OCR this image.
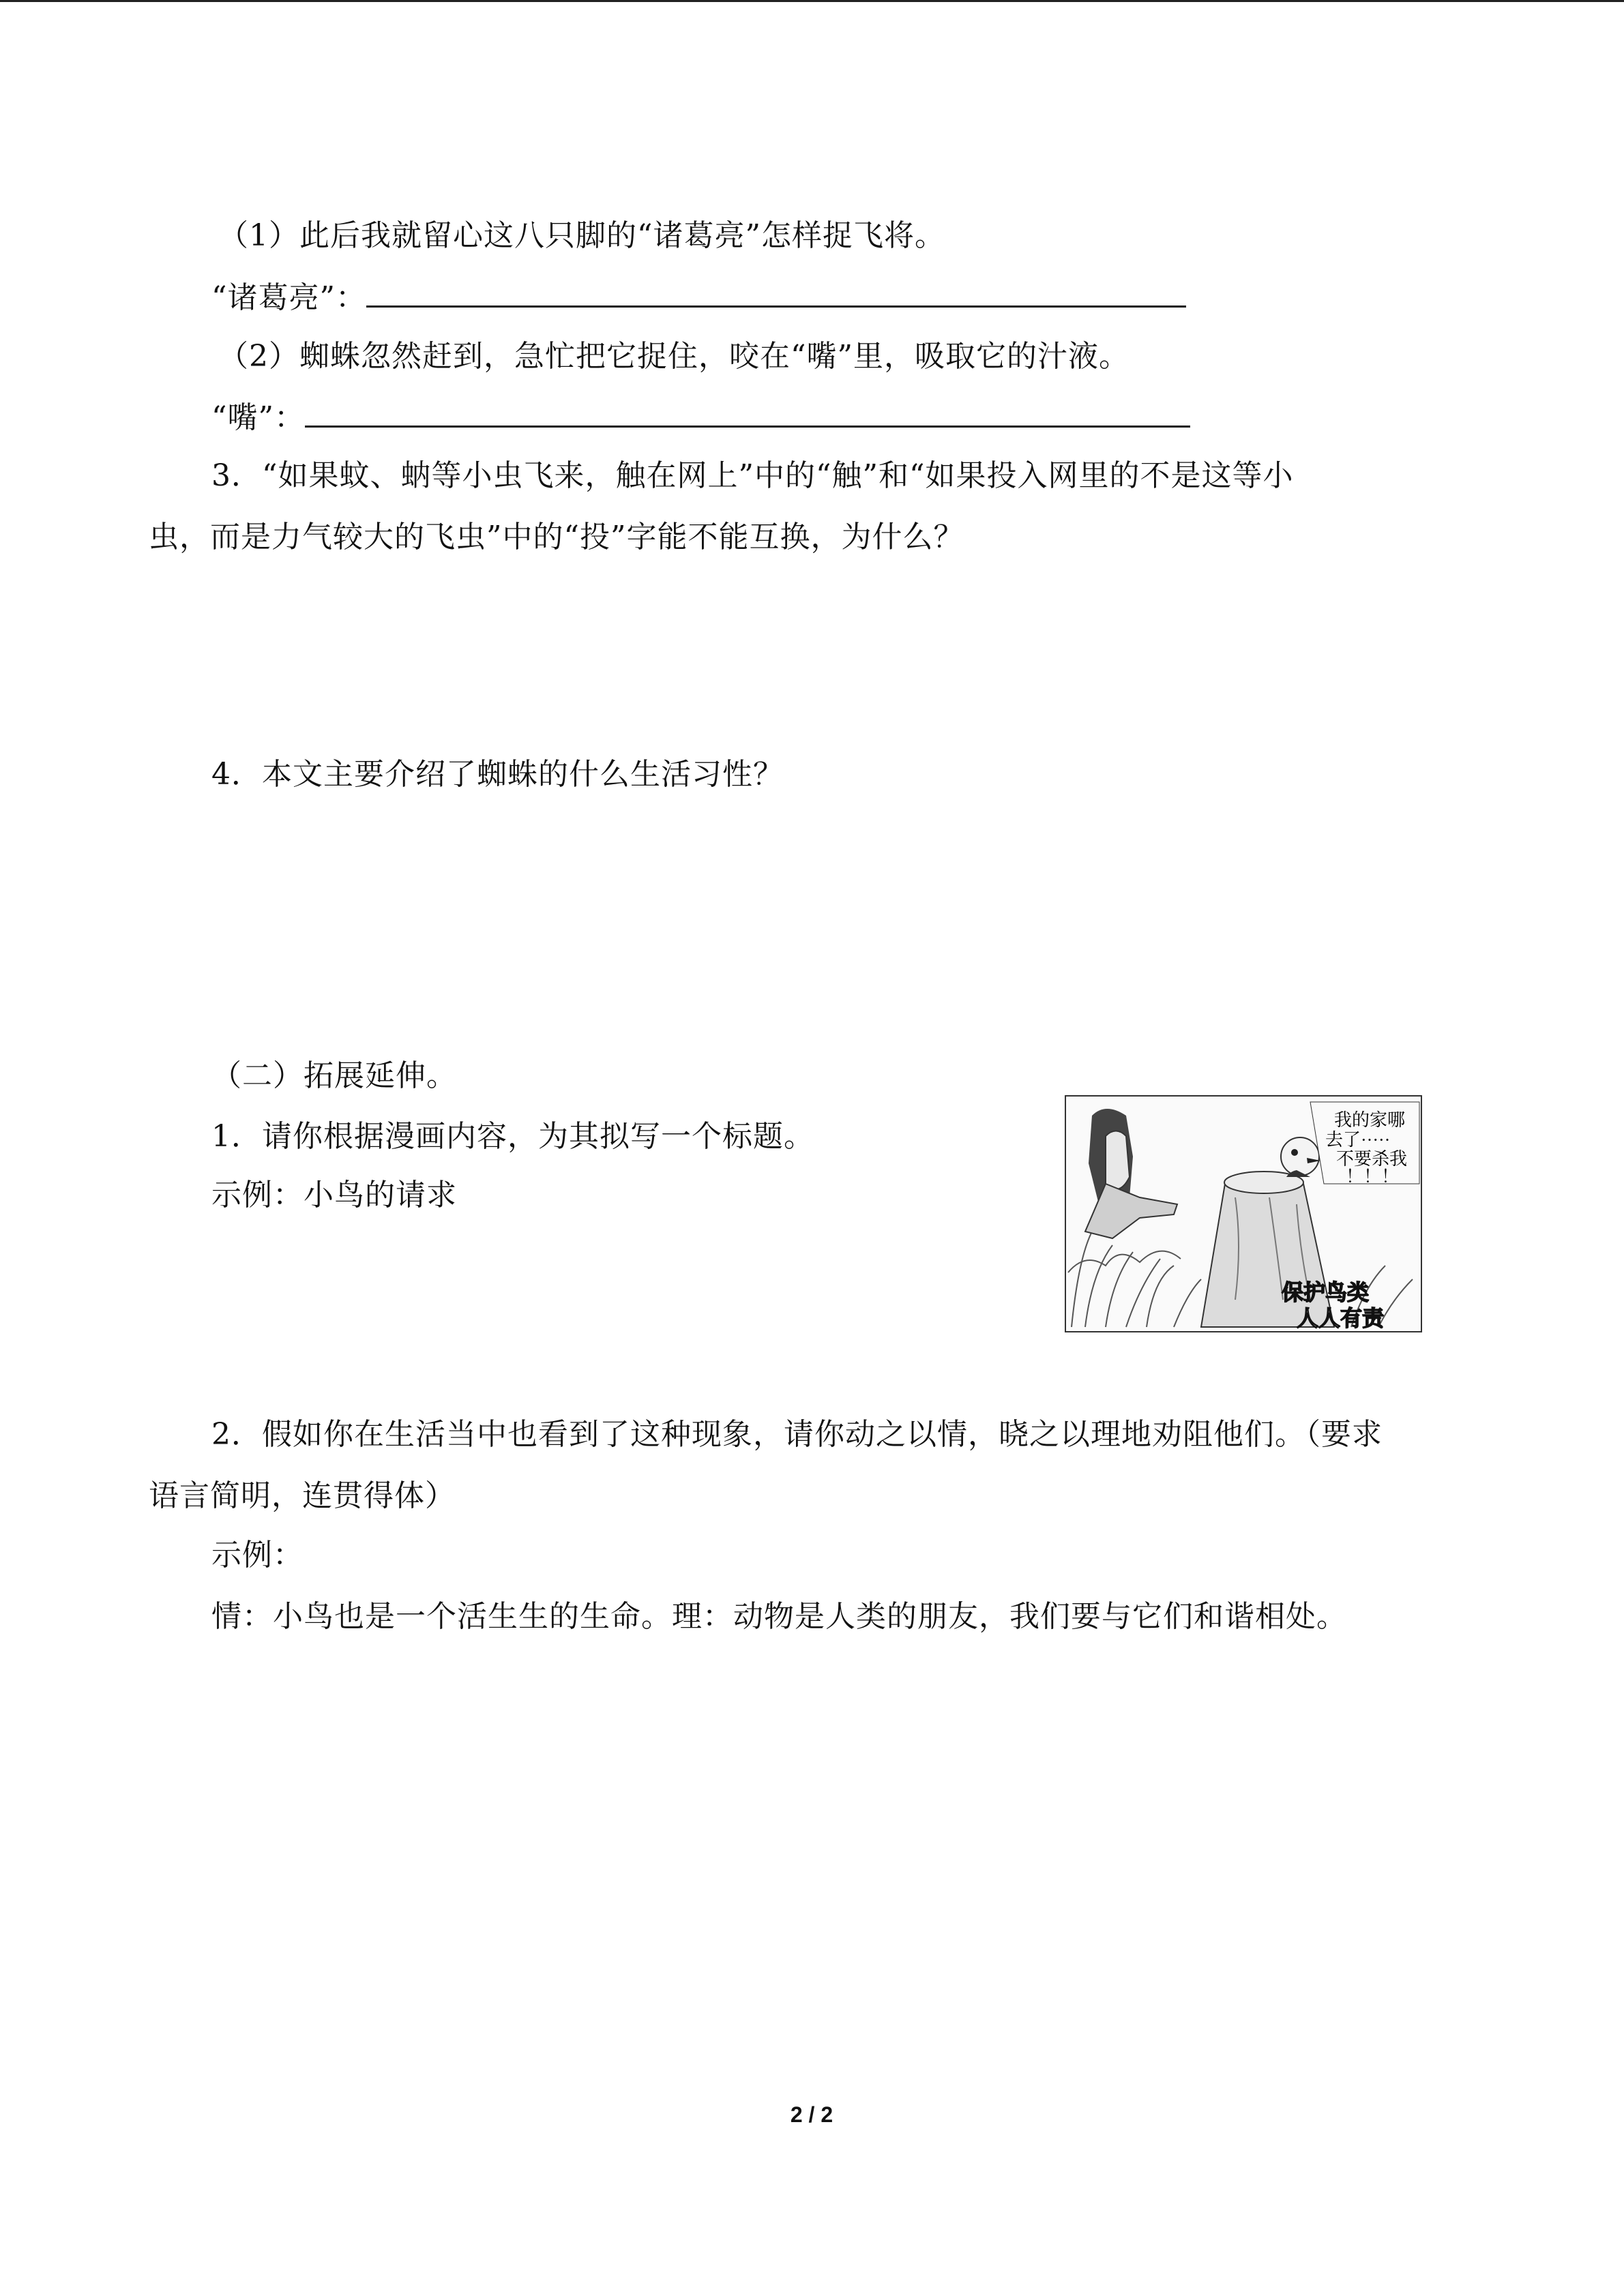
（1）此后我就留心这八只脚的“诸葛亮”怎样捉飞将。
“诸葛亮”：
（2）蜘蛛忽然赶到，急忙把它捉住，咬在“嘴”里，吸取它的汁液。
“嘴”：
3．“如果蚊、蚋等小虫飞来，触在网上”中的“触”和“如果投入网里的不是这等小
虫，而是力气较大的飞虫”中的“投”字能不能互换，为什么？
4．本文主要介绍了蜘蛛的什么生活习性？
（二）拓展延伸。
1．请你根据漫画内容，为其拟写一个标题。
示例：小鸟的请求
我的家哪
去了·····
不要杀我
！！！
保护鸟类
人人有责
2．假如你在生活当中也看到了这种现象，请你动之以情，晓之以理地劝阻他们。（要求
语言简明，连贯得体）
示例：
情：小鸟也是一个活生生的生命。理：动物是人类的朋友，我们要与它们和谐相处。
2 / 2
